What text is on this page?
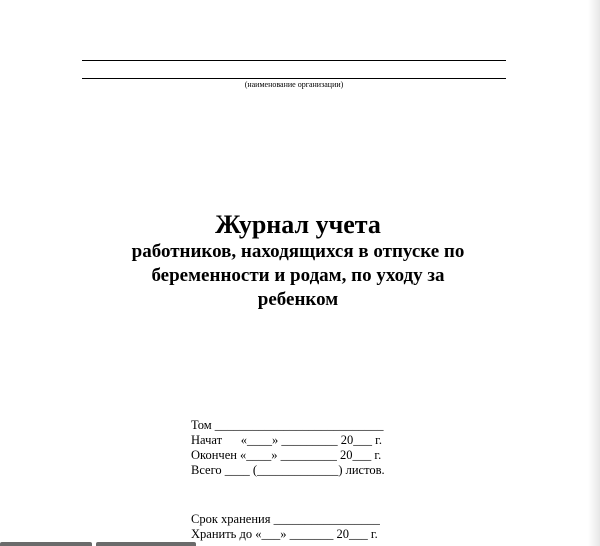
(наименование организации)
Журнал учета
работников, находящихся в отпуске по
беременности и родам, по уходу за
ребенком
Том ___________________________
Начат      «____» _________ 20___ г.
Окончен «____» _________ 20___ г.
Всего ____ (_____________) листов.
Срок хранения _________________
Хранить до «___» _______ 20___ г.
